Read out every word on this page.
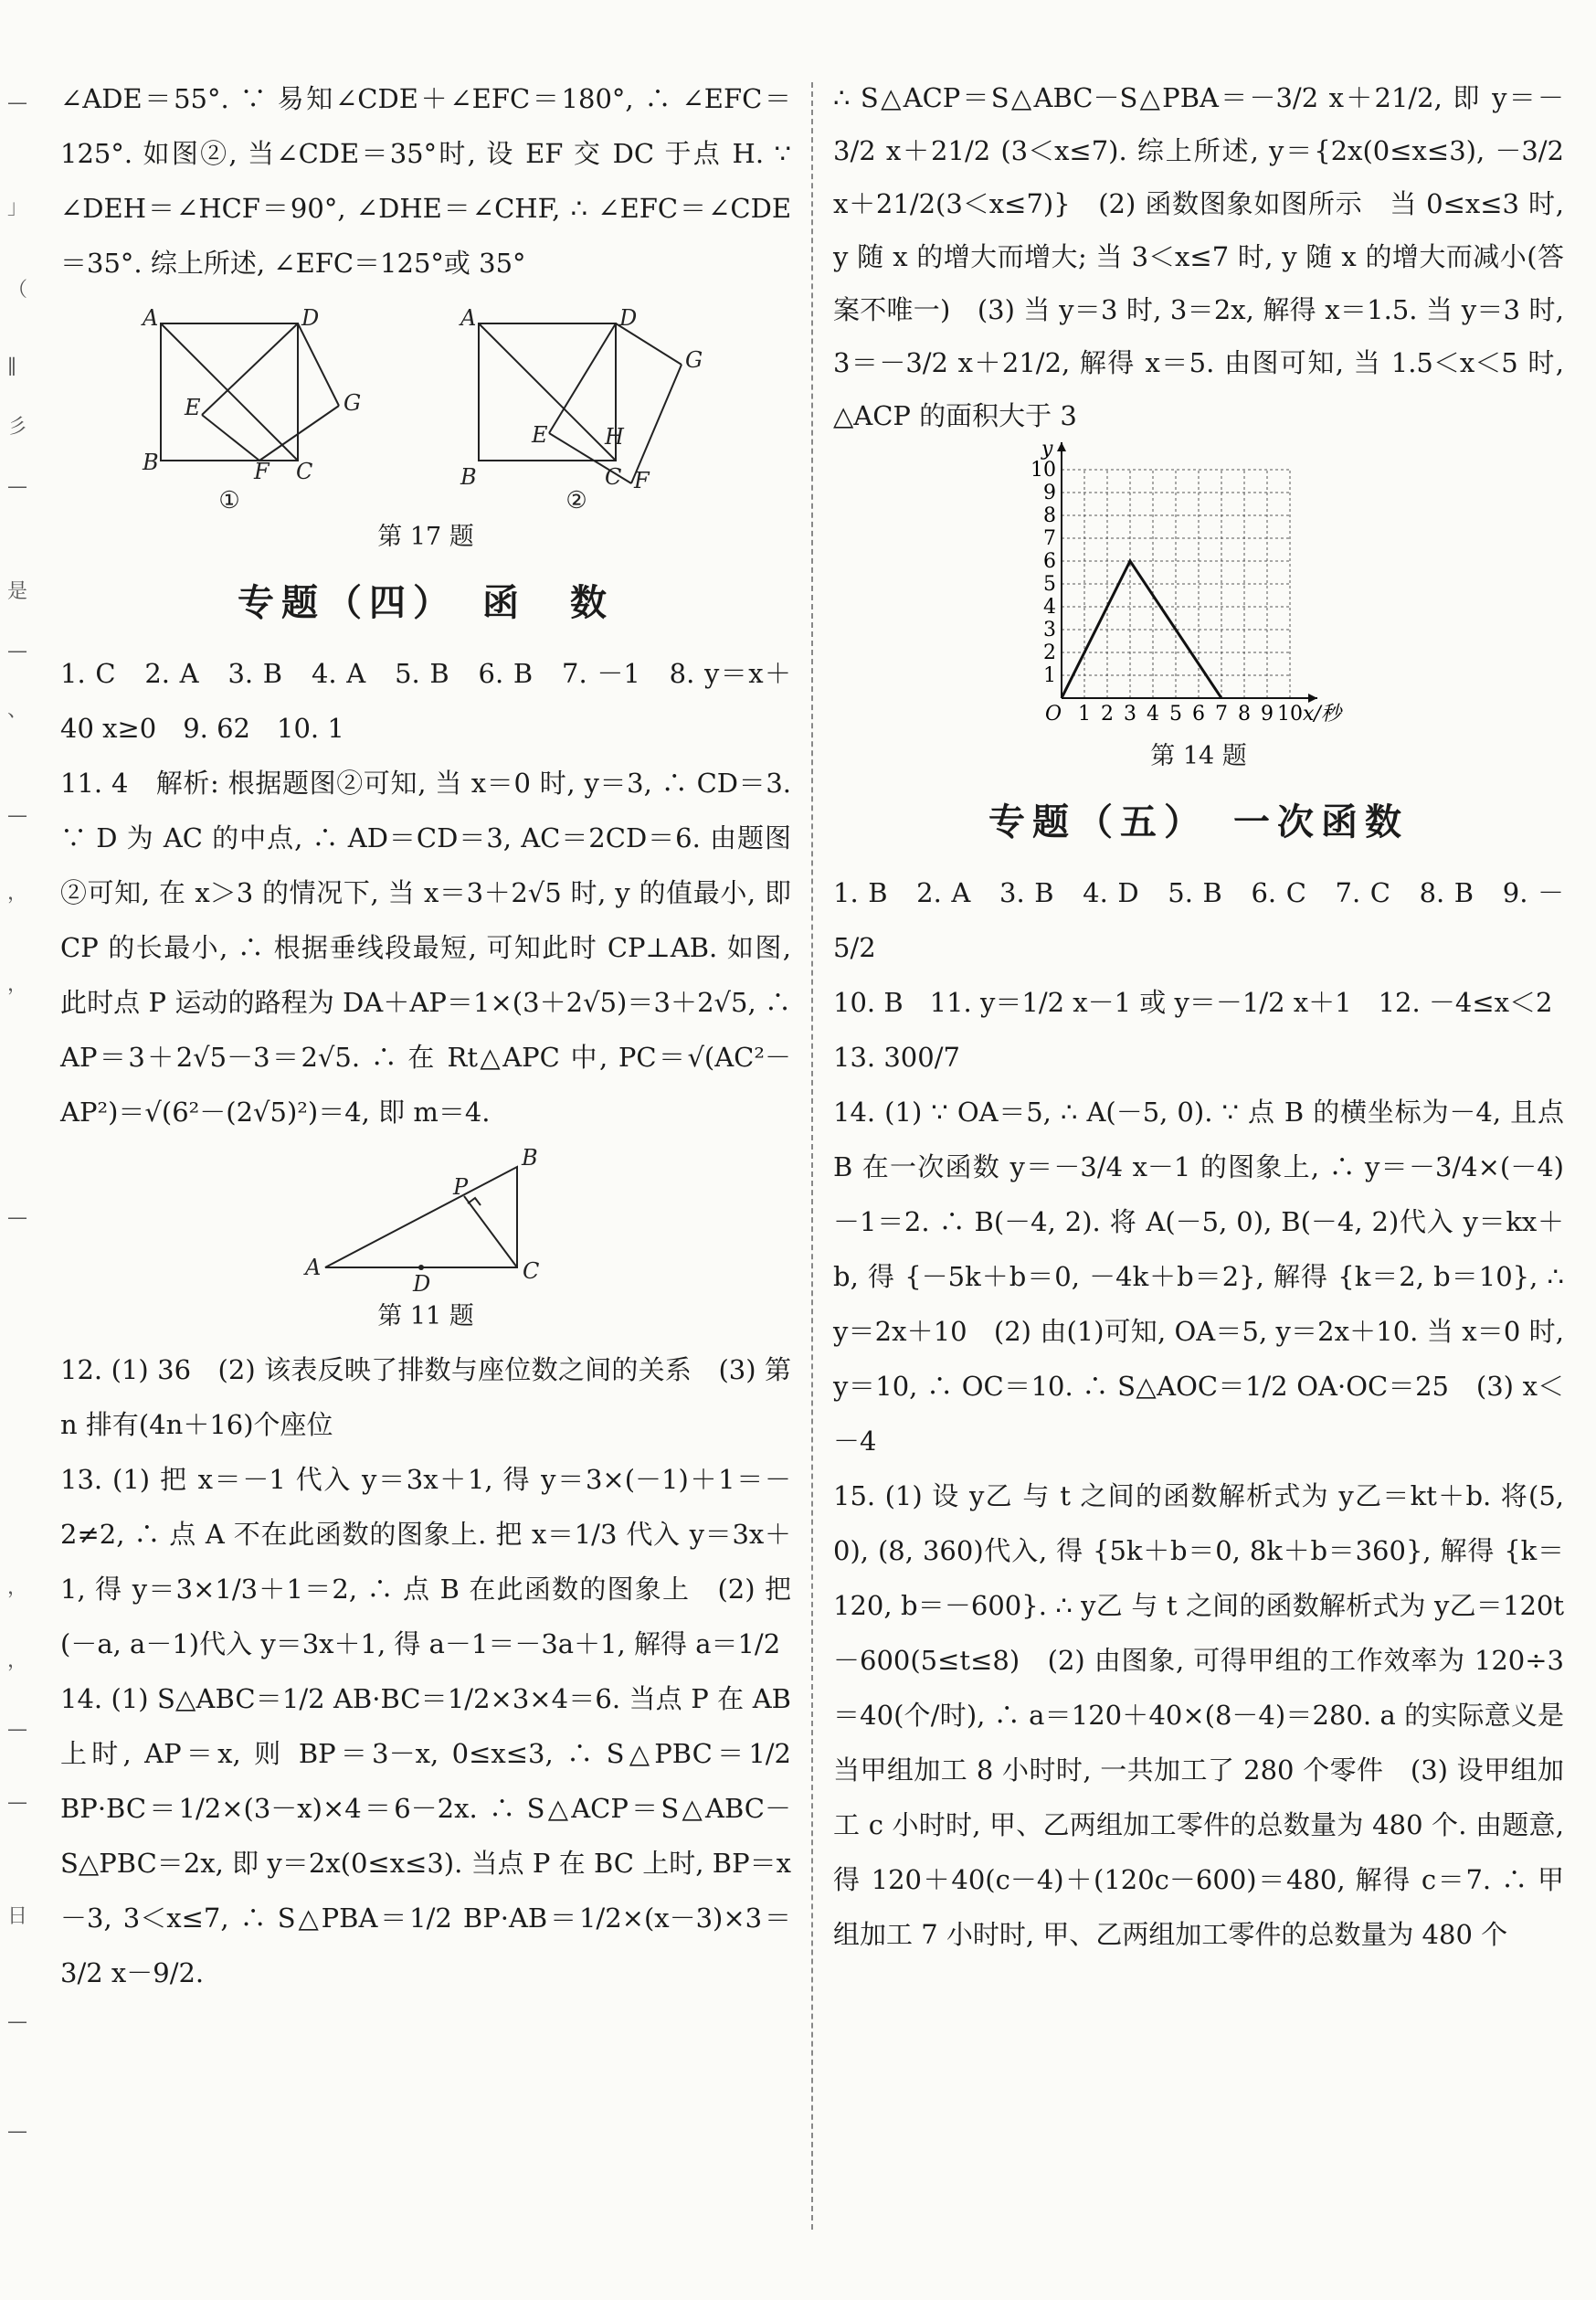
—
」
（
∥
彡
—
是
—
、
—
，
，
—
，
，
—
—
日
—
—

∠ADE＝55°. ∵ 易知∠CDE＋∠EFC＝180°, ∴ ∠EFC＝125°. 如图②, 当∠CDE＝35°时, 设 EF 交 DC 于点 H. ∵ ∠DEH＝∠HCF＝90°, ∠DHE＝∠CHF, ∴ ∠EFC＝∠CDE＝35°. 综上所述, ∠EFC＝125°或 35°

A	D
B	C
E
F
G
A	D
B	C
E	H
F
G
①	②
第 17 题
专题（四）　函　数

1. C　2. A　3. B　4. A　5. B　6. B　7. －1　8. y＝x＋40 x≥0　9. 62　10. 1

11. 4　解析: 根据题图②可知, 当 x＝0 时, y＝3, ∴ CD＝3. ∵ D 为 AC 的中点, ∴ AD＝CD＝3, AC＝2CD＝6. 由题图②可知, 在 x＞3 的情况下, 当 x＝3＋2√5 时, y 的值最小, 即 CP 的长最小, ∴ 根据垂线段最短, 可知此时 CP⊥AB. 如图, 此时点 P 运动的路程为 DA＋AP＝1×(3＋2√5)＝3＋2√5, ∴ AP＝3＋2√5－3＝2√5. ∴ 在 Rt△APC 中, PC＝√(AC²－AP²)＝√(6²－(2√5)²)＝4, 即 m＝4.

A
B
C
D
P
第 11 题

12. (1) 36　(2) 该表反映了排数与座位数之间的关系　(3) 第 n 排有(4n＋16)个座位

13. (1) 把 x＝－1 代入 y＝3x＋1, 得 y＝3×(－1)＋1＝－2≠2, ∴ 点 A 不在此函数的图象上. 把 x＝1/3 代入 y＝3x＋1, 得 y＝3×1/3＋1＝2, ∴ 点 B 在此函数的图象上　(2) 把(－a, a－1)代入 y＝3x＋1, 得 a－1＝－3a＋1, 解得 a＝1/2

14. (1) S△ABC＝1/2 AB·BC＝1/2×3×4＝6. 当点 P 在 AB 上时, AP＝x, 则 BP＝3－x, 0≤x≤3, ∴ S△PBC＝1/2 BP·BC＝1/2×(3－x)×4＝6－2x. ∴ S△ACP＝S△ABC－S△PBC＝2x, 即 y＝2x(0≤x≤3). 当点 P 在 BC 上时, BP＝x－3, 3＜x≤7, ∴ S△PBA＝1/2 BP·AB＝1/2×(x－3)×3＝3/2 x－9/2.

∴ S△ACP＝S△ABC－S△PBA＝－3/2 x＋21/2, 即 y＝－3/2 x＋21/2 (3＜x≤7). 综上所述, y＝{2x(0≤x≤3), －3/2 x＋21/2(3＜x≤7)}　(2) 函数图象如图所示　当 0≤x≤3 时, y 随 x 的增大而增大; 当 3＜x≤7 时, y 随 x 的增大而减小(答案不唯一)　(3) 当 y＝3 时, 3＝2x, 解得 x＝1.5. 当 y＝3 时, 3＝－3/2 x＋21/2, 解得 x＝5. 由图可知, 当 1.5＜x＜5 时, △ACP 的面积大于 3

x/秒
y
O 1 2 3 4 5 6 7 8 9 10
1
2
3
4
5
6
7
8
9
10
第 14 题
专题（五）　一次函数

1. B　2. A　3. B　4. D　5. B　6. C　7. C　8. B　9. －5/2

10. B　11. y＝1/2 x－1 或 y＝－1/2 x＋1　12. －4≤x＜2

13. 300/7

14. (1) ∵ OA＝5, ∴ A(－5, 0). ∵ 点 B 的横坐标为－4, 且点 B 在一次函数 y＝－3/4 x－1 的图象上, ∴ y＝－3/4×(－4)－1＝2. ∴ B(－4, 2). 将 A(－5, 0), B(－4, 2)代入 y＝kx＋b, 得 {－5k＋b＝0, －4k＋b＝2}, 解得 {k＝2, b＝10}, ∴ y＝2x＋10　(2) 由(1)可知, OA＝5, y＝2x＋10. 当 x＝0 时, y＝10, ∴ OC＝10. ∴ S△AOC＝1/2 OA·OC＝25　(3) x＜－4

15. (1) 设 y乙 与 t 之间的函数解析式为 y乙＝kt＋b. 将(5, 0), (8, 360)代入, 得 {5k＋b＝0, 8k＋b＝360}, 解得 {k＝120, b＝－600}. ∴ y乙 与 t 之间的函数解析式为 y乙＝120t－600(5≤t≤8)　(2) 由图象, 可得甲组的工作效率为 120÷3＝40(个/时), ∴ a＝120＋40×(8－4)＝280. a 的实际意义是当甲组加工 8 小时时, 一共加工了 280 个零件　(3) 设甲组加工 c 小时时, 甲、乙两组加工零件的总数量为 480 个. 由题意, 得 120＋40(c－4)＋(120c－600)＝480, 解得 c＝7. ∴ 甲组加工 7 小时时, 甲、乙两组加工零件的总数量为 480 个
